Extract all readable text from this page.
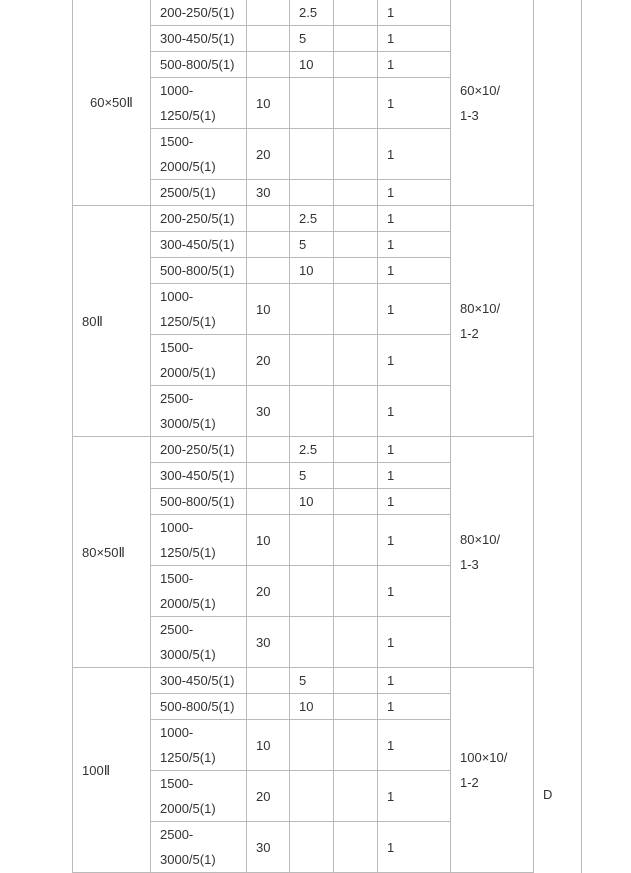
60×50Ⅱ	200-250/5(1)		2.5		1	60×10/
1-3	
	300-450/5(1)		5		1		
	500-800/5(1)		10		1		
	1000-
1250/5(1)	10			1		
	1500-
2000/5(1)	20			1		
	2500/5(1)	30			1		
80Ⅱ	200-250/5(1)		2.5		1	80×10/
1-2	
	300-450/5(1)		5		1		
	500-800/5(1)		10		1		
	1000-
1250/5(1)	10			1		
	1500-
2000/5(1)	20			1		
	2500-
3000/5(1)	30			1		
80×50Ⅱ	200-250/5(1)		2.5		1	80×10/
1-3	
	300-450/5(1)		5		1		
	500-800/5(1)		10		1		
	1000-
1250/5(1)	10			1		
	1500-
2000/5(1)	20			1		
	2500-
3000/5(1)	30			1		
100Ⅱ	300-450/5(1)		5		1	100×10/
1-2	D
	500-800/5(1)		10		1		
	1000-
1250/5(1)	10			1		
	1500-
2000/5(1)	20			1		
	2500-
3000/5(1)	30			1		
